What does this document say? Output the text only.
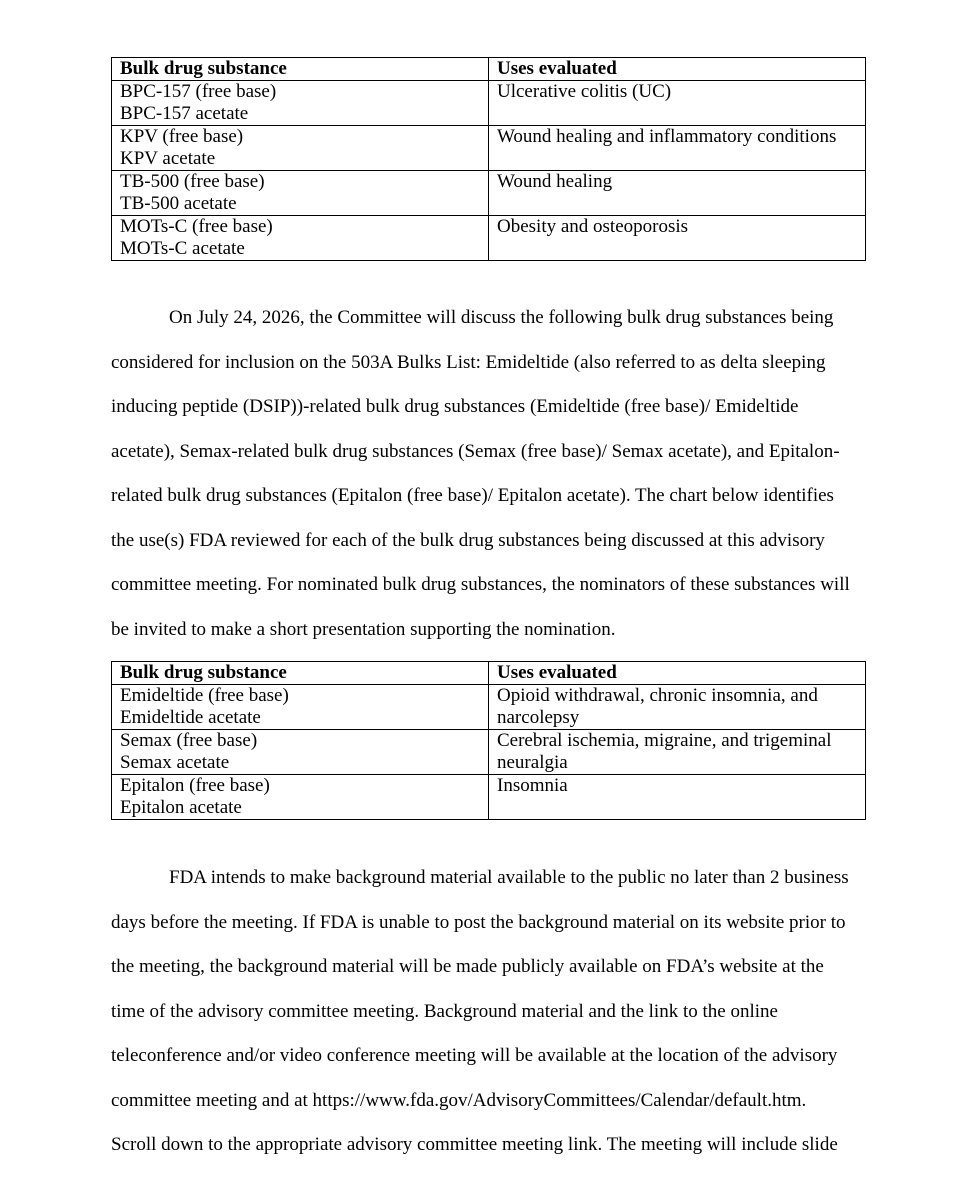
Bulk drug substance	Uses evaluated

BPC-157 (free base)
BPC-157 acetate	Ulcerative colitis (UC)

KPV (free base)
KPV acetate	Wound healing and inflammatory conditions

TB-500 (free base)
TB-500 acetate	Wound healing

MOTs-C (free base)
MOTs-C acetate	Obesity and osteoporosis
On July 24, 2026, the Committee will discuss the following bulk drug substances being
considered for inclusion on the 503A Bulks List: Emideltide (also referred to as delta sleeping
inducing peptide (DSIP))-related bulk drug substances (Emideltide (free base)/ Emideltide
acetate), Semax-related bulk drug substances (Semax (free base)/ Semax acetate), and Epitalon-
related bulk drug substances (Epitalon (free base)/ Epitalon acetate). The chart below identifies
the use(s) FDA reviewed for each of the bulk drug substances being discussed at this advisory
committee meeting. For nominated bulk drug substances, the nominators of these substances will
be invited to make a short presentation supporting the nomination.
Bulk drug substance	Uses evaluated

Emideltide (free base)
Emideltide acetate	Opioid withdrawal, chronic insomnia, and
narcolepsy

Semax (free base)
Semax acetate	Cerebral ischemia, migraine, and trigeminal
neuralgia

Epitalon (free base)
Epitalon acetate	Insomnia
FDA intends to make background material available to the public no later than 2 business
days before the meeting. If FDA is unable to post the background material on its website prior to
the meeting, the background material will be made publicly available on FDA’s website at the
time of the advisory committee meeting. Background material and the link to the online
teleconference and/or video conference meeting will be available at the location of the advisory
committee meeting and at https://www.fda.gov/AdvisoryCommittees/Calendar/default.htm.
Scroll down to the appropriate advisory committee meeting link. The meeting will include slide
